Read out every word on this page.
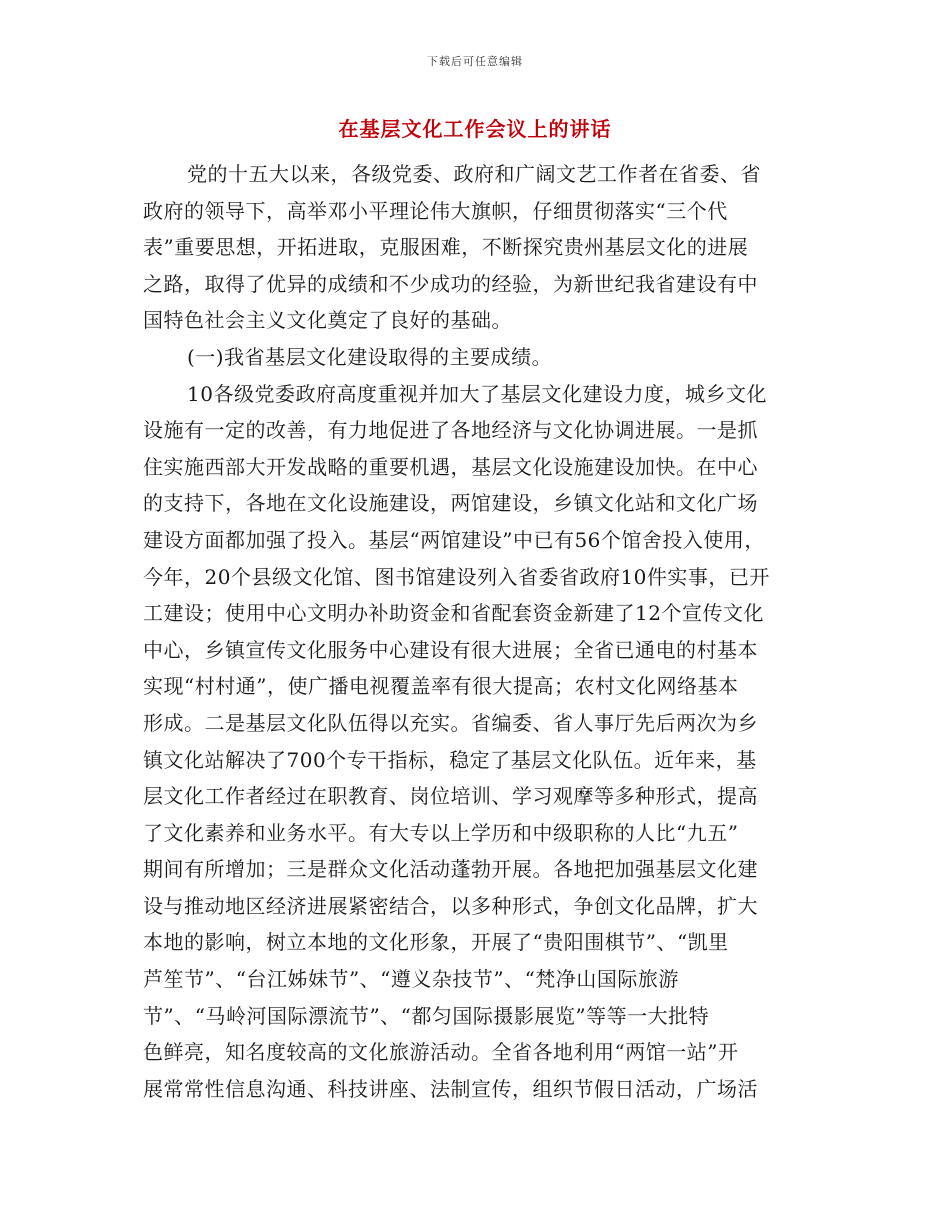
下载后可任意编辑
在基层文化工作会议上的讲话
党的十五大以来，各级党委、政府和广阔文艺工作者在省委、省
政府的领导下，高举邓小平理论伟大旗帜，仔细贯彻落实“三个代
表”重要思想，开拓进取，克服困难，不断探究贵州基层文化的进展
之路，取得了优异的成绩和不少成功的经验，为新世纪我省建设有中
国特色社会主义文化奠定了良好的基础。
(一)我省基层文化建设取得的主要成绩。
10各级党委政府高度重视并加大了基层文化建设力度，城乡文化
设施有一定的改善，有力地促进了各地经济与文化协调进展。一是抓
住实施西部大开发战略的重要机遇，基层文化设施建设加快。在中心
的支持下，各地在文化设施建设，两馆建设，乡镇文化站和文化广场
建设方面都加强了投入。基层“两馆建设”中已有56个馆舍投入使用，
今年，20个县级文化馆、图书馆建设列入省委省政府10件实事，已开
工建设；使用中心文明办补助资金和省配套资金新建了12个宣传文化
中心，乡镇宣传文化服务中心建设有很大进展；全省已通电的村基本
实现“村村通”，使广播电视覆盖率有很大提高；农村文化网络基本
形成。二是基层文化队伍得以充实。省编委、省人事厅先后两次为乡
镇文化站解决了700个专干指标，稳定了基层文化队伍。近年来，基
层文化工作者经过在职教育、岗位培训、学习观摩等多种形式，提高
了文化素养和业务水平。有大专以上学历和中级职称的人比“九五”
期间有所增加；三是群众文化活动蓬勃开展。各地把加强基层文化建
设与推动地区经济进展紧密结合，以多种形式，争创文化品牌，扩大
本地的影响，树立本地的文化形象，开展了“贵阳围棋节”、“凯里
芦笙节”、“台江姊妹节”、“遵义杂技节”、“梵净山国际旅游
节”、“马岭河国际漂流节”、“都匀国际摄影展览”等等一大批特
色鲜亮，知名度较高的文化旅游活动。全省各地利用“两馆一站”开
展常常性信息沟通、科技讲座、法制宣传，组织节假日活动，广场活
